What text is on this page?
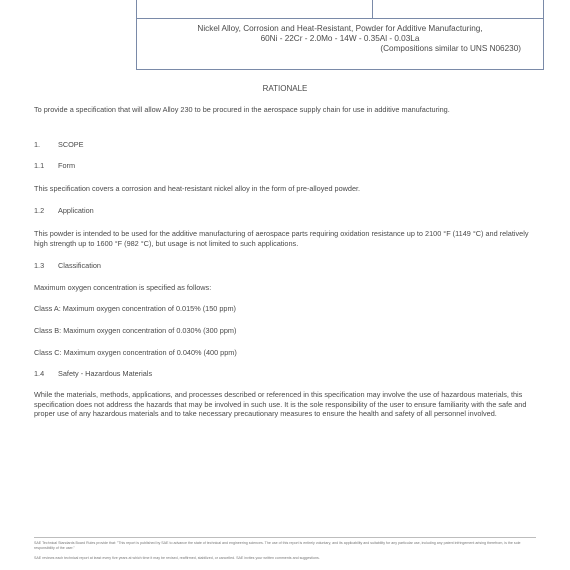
Nickel Alloy, Corrosion and Heat-Resistant, Powder for Additive Manufacturing,
60Ni - 22Cr - 2.0Mo - 14W - 0.35Al - 0.03La
(Compositions similar to UNS N06230)
RATIONALE
To provide a specification that will allow Alloy 230 to be procured in the aerospace supply chain for use in additive manufacturing.
1. SCOPE
1.1 Form
This specification covers a corrosion and heat-resistant nickel alloy in the form of pre-alloyed powder.
1.2 Application
This powder is intended to be used for the additive manufacturing of aerospace parts requiring oxidation resistance up to 2100 °F (1149 °C) and relatively high strength up to 1600 °F (982 °C), but usage is not limited to such applications.
1.3 Classification
Maximum oxygen concentration is specified as follows:
Class A: Maximum oxygen concentration of 0.015% (150 ppm)
Class B: Maximum oxygen concentration of 0.030% (300 ppm)
Class C: Maximum oxygen concentration of 0.040% (400 ppm)
1.4 Safety - Hazardous Materials
While the materials, methods, applications, and processes described or referenced in this specification may involve the use of hazardous materials, this specification does not address the hazards that may be involved in such use. It is the sole responsibility of the user to ensure familiarity with the safe and proper use of any hazardous materials and to take necessary precautionary measures to ensure the health and safety of all personnel involved.
SAE Technical Standards Board Rules provide that: "This report is published by SAE to advance the state of technical and engineering sciences. The use of this report is entirely voluntary, and its applicability and suitability for any particular use, including any patent infringement arising therefrom, is the sole responsibility of the user."
SAE reviews each technical report at least every five years at which time it may be revised, reaffirmed, stabilized, or cancelled. SAE invites your written comments and suggestions.
